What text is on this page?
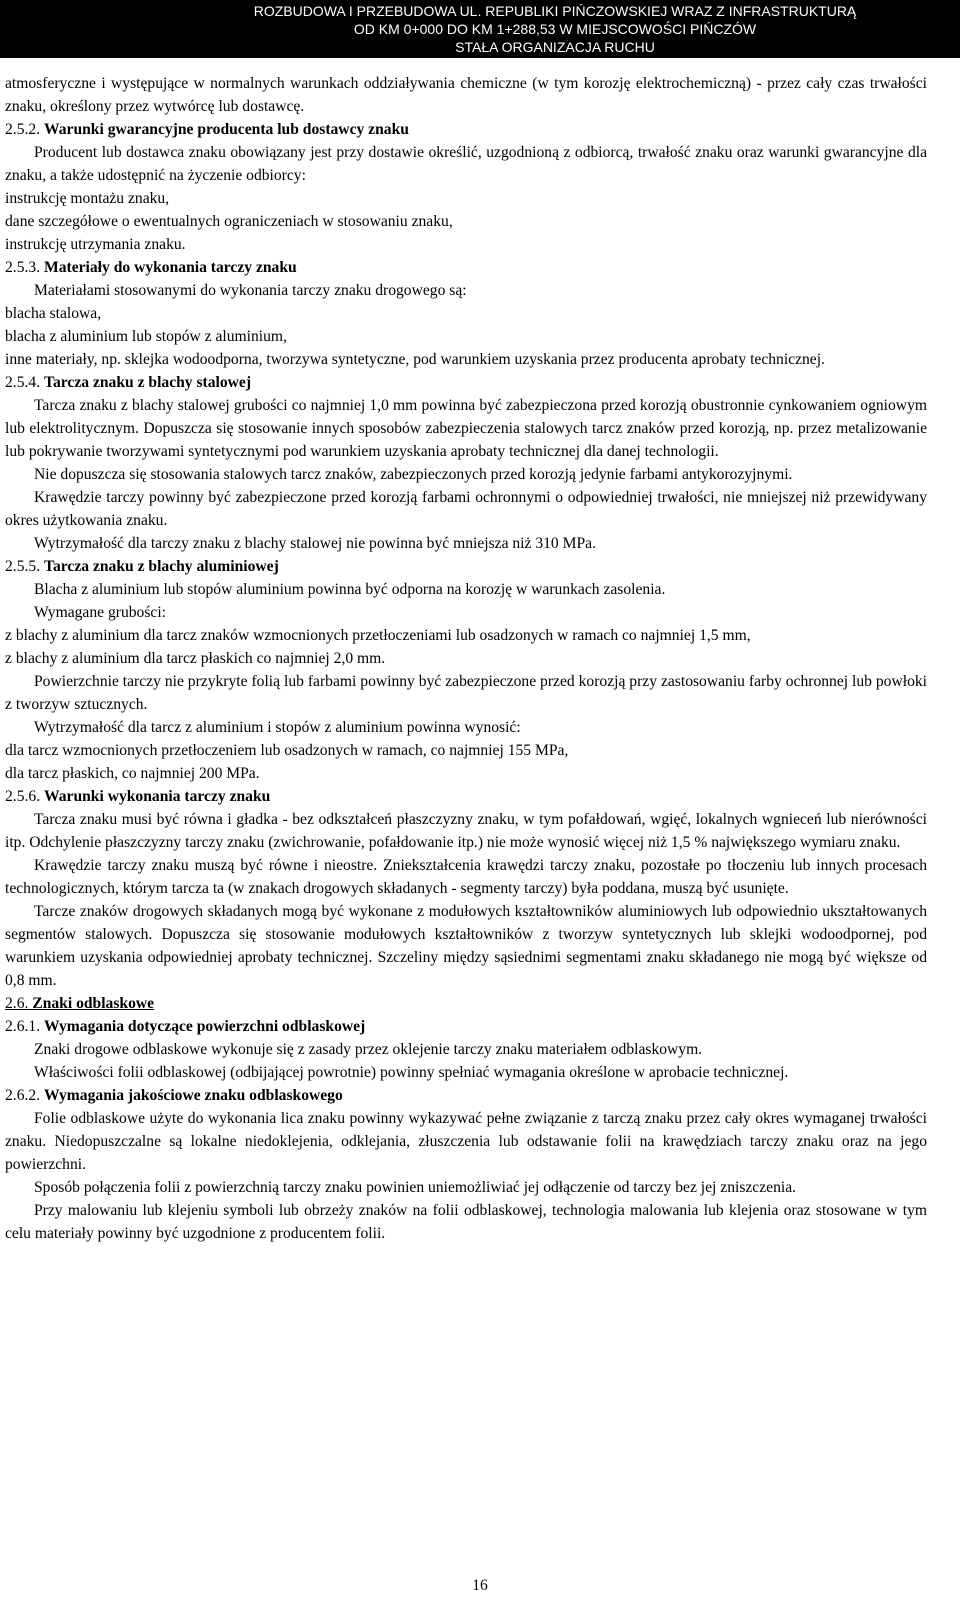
ROZBUDOWA I PRZEBUDOWA UL. REPUBLIKI PIŃCZOWSKIEJ WRAZ Z INFRASTRUKTURĄ
OD KM 0+000 DO KM 1+288,53 W MIEJSCOWOŚCI PIŃCZÓW
STAŁA ORGANIZACJA RUCHU

atmosferyczne i występujące w normalnych warunkach oddziaływania chemiczne (w tym korozję elektrochemiczną) - przez cały czas trwałości znaku, określony przez wytwórcę lub dostawcę.

2.5.2. Warunki gwarancyjne producenta lub dostawcy znaku

Producent lub dostawca znaku obowiązany jest przy dostawie określić, uzgodnioną z odbiorcą, trwałość znaku oraz warunki gwarancyjne dla znaku, a także udostępnić na życzenie odbiorcy:

instrukcję montażu znaku,

dane szczegółowe o ewentualnych ograniczeniach w stosowaniu znaku,

instrukcję utrzymania znaku.

2.5.3. Materiały do wykonania tarczy znaku

Materiałami stosowanymi do wykonania tarczy znaku drogowego są:

blacha stalowa,

blacha z aluminium lub stopów z aluminium,

inne materiały, np. sklejka wodoodporna, tworzywa syntetyczne, pod warunkiem uzyskania przez producenta aprobaty technicznej.

2.5.4. Tarcza znaku z blachy stalowej

Tarcza znaku z blachy stalowej grubości co najmniej 1,0 mm powinna być zabezpieczona przed korozją obustronnie cynkowaniem ogniowym lub elektrolitycznym. Dopuszcza się stosowanie innych sposobów zabezpieczenia stalowych tarcz znaków przed korozją, np. przez metalizowanie lub pokrywanie tworzywami syntetycznymi pod warunkiem uzyskania aprobaty technicznej dla danej technologii.

Nie dopuszcza się stosowania stalowych tarcz znaków, zabezpieczonych przed korozją jedynie farbami antykorozyjnymi.

Krawędzie tarczy powinny być zabezpieczone przed korozją farbami ochronnymi o odpowiedniej trwałości, nie mniejszej niż przewidywany okres użytkowania znaku.

Wytrzymałość dla tarczy znaku z blachy stalowej nie powinna być mniejsza niż 310 MPa.

2.5.5. Tarcza znaku z blachy aluminiowej

Blacha z aluminium lub stopów aluminium powinna być odporna na korozję w warunkach zasolenia.

Wymagane grubości:

z blachy z aluminium dla tarcz znaków wzmocnionych przetłoczeniami lub osadzonych w ramach co najmniej 1,5 mm,

z blachy z aluminium dla tarcz płaskich co najmniej 2,0 mm.

Powierzchnie tarczy nie przykryte folią lub farbami powinny być zabezpieczone przed korozją przy zastosowaniu farby ochronnej lub powłoki z tworzyw sztucznych.

Wytrzymałość dla tarcz z aluminium i stopów z aluminium powinna wynosić:

dla tarcz wzmocnionych przetłoczeniem lub osadzonych w ramach, co najmniej 155 MPa,

dla tarcz płaskich, co najmniej 200 MPa.

2.5.6. Warunki wykonania tarczy znaku

Tarcza znaku musi być równa i gładka - bez odkształceń płaszczyzny znaku, w tym pofałdowań, wgięć, lokalnych wgnieceń lub nierówności itp. Odchylenie płaszczyzny tarczy znaku (zwichrowanie, pofałdowanie itp.) nie może wynosić więcej niż 1,5 % największego wymiaru znaku.

Krawędzie tarczy znaku muszą być równe i nieostre. Zniekształcenia krawędzi tarczy znaku, pozostałe po tłoczeniu lub innych procesach technologicznych, którym tarcza ta (w znakach drogowych składanych - segmenty tarczy) była poddana, muszą być usunięte.

Tarcze znaków drogowych składanych mogą być wykonane z modułowych kształtowników aluminiowych lub odpowiednio ukształtowanych segmentów stalowych. Dopuszcza się stosowanie modułowych kształtowników z tworzyw syntetycznych lub sklejki wodoodpornej, pod warunkiem uzyskania odpowiedniej aprobaty technicznej. Szczeliny między sąsiednimi segmentami znaku składanego nie mogą być większe od 0,8 mm.

2.6. Znaki odblaskowe

2.6.1. Wymagania dotyczące powierzchni odblaskowej

Znaki drogowe odblaskowe wykonuje się z zasady przez oklejenie tarczy znaku materiałem odblaskowym.

Właściwości folii odblaskowej (odbijającej powrotnie) powinny spełniać wymagania określone w aprobacie technicznej.

2.6.2. Wymagania jakościowe znaku odblaskowego

Folie odblaskowe użyte do wykonania lica znaku powinny wykazywać pełne związanie z tarczą znaku przez cały okres wymaganej trwałości znaku. Niedopuszczalne są lokalne niedoklejenia, odklejania, złuszczenia lub odstawanie folii na krawędziach tarczy znaku oraz na jego powierzchni.

Sposób połączenia folii z powierzchnią tarczy znaku powinien uniemożliwiać jej odłączenie od tarczy bez jej zniszczenia.

Przy malowaniu lub klejeniu symboli lub obrzeży znaków na folii odblaskowej, technologia malowania lub klejenia oraz stosowane w tym celu materiały powinny być uzgodnione z producentem folii.

16
